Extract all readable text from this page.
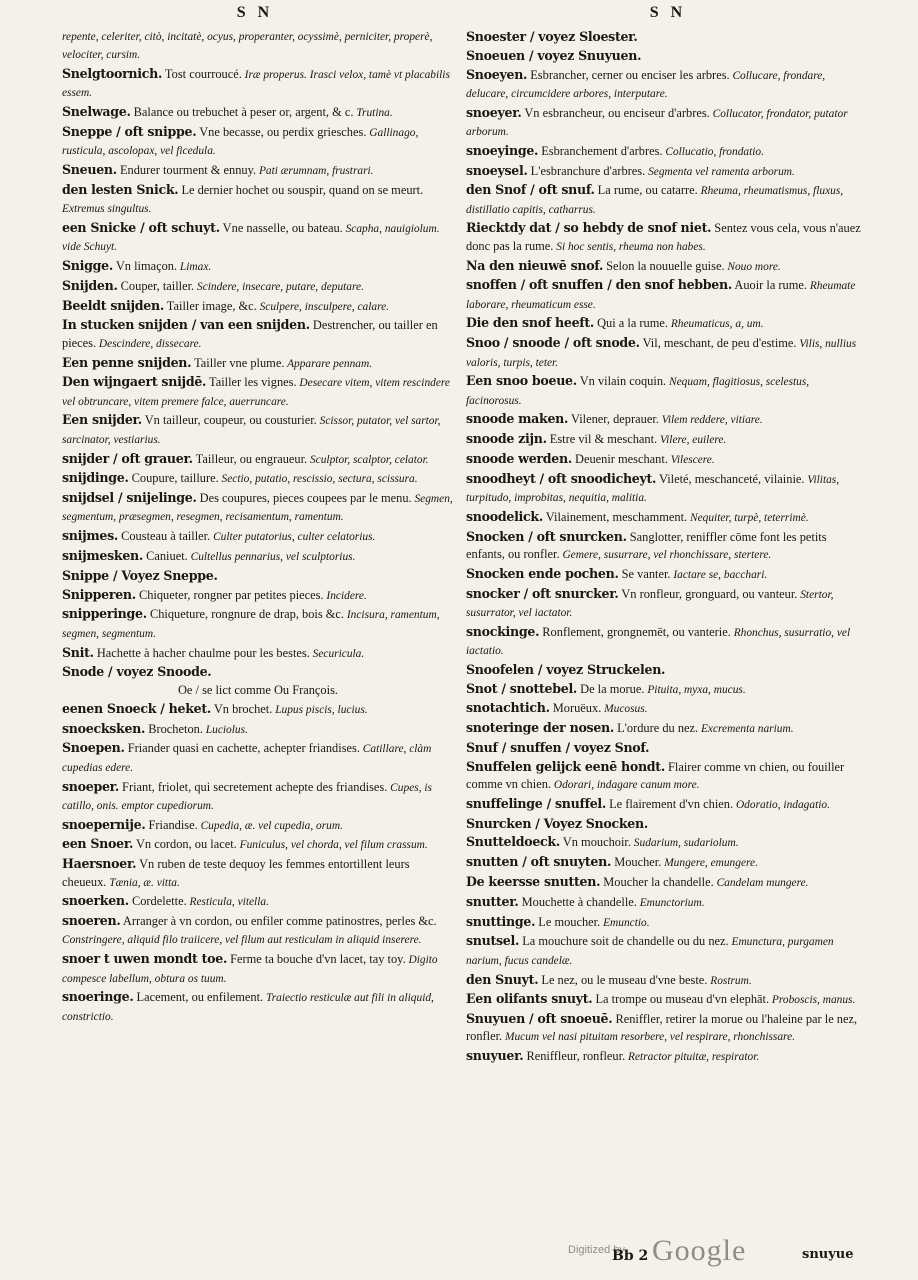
S N	S N
repente, celeriter, citò, incitatè, ocyus, properanter, ocyssimè, perniciter, properè, velociter, cursim.
Snelgtoornich. Tost courroucé. Iræ properus. Irasci velox, tamè vt placabilis essem.
Snelwage. Balance ou trebuchet à peser or, argent, & c. Trutina.
Sneppe / oft snippe. Vne becasse, ou perdix griesches. Gallinago, rusticula, ascolopax, vel ficedula.
Sneuen. Endurer tourment & ennuy. Pati ærumnam, frustrari.
den lesten Snick. Le dernier hochet ou souspir, quand on se meurt. Extremus singultus.
een Snicke / oft schuyt. Vne nasselle, ou bateau. Scapha, nauigiolum. vide Schuyt.
Snigge. Vn limaçon. Limax.
Snijden. Couper, tailler. Scindere, insecare, putare, deputare.
Beeldt snijden. Tailler image, &c. Sculpere, insculpere, calare.
In stucken snijden / van een snijden. Destrencher, ou tailler en pieces. Descindere, dissecare.
Een penne snijden. Tailler vne plume. Apparare pennam.
Den wijngaert snijdē. Tailler les vignes. Desecare vitem, vitem rescindere vel obtruncare, vitem premere falce, auerruncare.
Een snijder. Vn tailleur, coupeur, ou cousturier. Scissor, putator, vel sartor, sarcinator, vestiarius.
snijder / oft grauer. Tailleur, ou engraueur. Sculptor, scalptor, celator.
snijdinge. Coupure, taillure. Sectio, putatio, rescissio, sectura, scissura.
snijdsel / snijelinge. Des coupures, pieces coupees par le menu. Segmen, segmentum, præsegmen, resegmen, recisamentum, ramentum.
snijmes. Cousteau à tailler. Culter putatorius, culter celatorius.
snijmesken. Caniuet. Cultellus pennarius, vel sculptorius.
Snippe / Voyez Sneppe.
Snipperen. Chiqueter, rongner par petites pieces. Incidere.
snipperinge. Chiqueture, rongnure de drap, bois &c. Incisura, ramentum, segmen, segmentum.
Snit. Hachette à hacher chaulme pour les bestes. Securicula.
Snode / voyez Snoode.
Oe / se lict comme Ou François.
eenen Snoeck / heket. Vn brochet. Lupus piscis, lucius.
snoecksken. Brocheton. Luciolus.
Snoepen. Friander quasi en cachette, achepter friandises. Catillare, clàm cupedias edere.
snoeper. Friant, friolet, qui secretement achepte des friandises. Cupes, is catillo, onis. emptor cupediorum.
snoepernije. Friandise. Cupedia, æ. vel cupedia, orum.
een Snoer. Vn cordon, ou lacet. Funiculus, vel chorda, vel filum crassum.
Haersnoer. Vn ruben de teste dequoy les femmes entortillent leurs cheueux. Tænia, æ. vitta.
snoerken. Cordelette. Resticula, vitella.
snoeren. Arranger à vn cordon, ou enfiler comme patinostres, perles &c. Constringere, aliquid filo traiicere, vel filum aut resticulam in aliquid inserere.
snoer t uwen mondt toe. Ferme ta bouche d'vn lacet, tay toy. Digito compesce labellum, obtura os tuum.
snoeringe. Lacement, ou enfilement. Traiectio resticulæ aut fili in aliquid, constrictio.
Snoester / voyez Sloester.
Snoeuen / voyez Snuyuen.
Snoeyen. Esbrancher, cerner ou enciser les arbres. Collucare, frondare, delucare, circumcidere arbores, interputare.
snoeyer. Vn esbrancheur, ou enciseur d'arbres. Collucator, frondator, putator arborum.
snoeyinge. Esbranchement d'arbres. Collucatio, frondatio.
snoeysel. L'esbranchure d'arbres. Segmenta vel ramenta arborum.
den Snof / oft snuf. La rume, ou catarre. Rheuma, rheumatismus, fluxus, distillatio capitis, catharrus.
Riecktdy dat / so hebdy de snof niet. Sentez vous cela, vous n'auez donc pas la rume. Si hoc sentis, rheuma non habes.
Na den nieuwē snof. Selon la nouuelle guise. Nouo more.
snoffen / oft snuffen / den snof hebben. Auoir la rume. Rheumate laborare, rheumaticum esse.
Die den snof heeft. Qui a la rume. Rheumaticus, a, um.
Snoo / snoode / oft snode. Vil, meschant, de peu d'estime. Vilis, nullius valoris, turpis, teter.
Een snoo boeue. Vn vilain coquin. Nequam, flagitiosus, scelestus, facinorosus.
snoode maken. Vilener, deprauer. Vilem reddere, vitiare.
snoode zijn. Estre vil & meschant. Vilere, euilere.
snoode werden. Deuenir meschant. Vilescere.
snoodheyt / oft snoodicheyt. Vileté, meschanceté, vilainie. Vilitas, turpitudo, improbitas, nequitia, malitia.
snoodelick. Vilainement, meschamment. Nequiter, turpè, teterrimè.
Snocken / oft snurcken. Sanglotter, reniffler cōme font les petits enfants, ou ronfler. Gemere, susurrare, vel rhonchissare, stertere.
Snocken ende pochen. Se vanter. Iactare se, bacchari.
snocker / oft snurcker. Vn ronfleur, gronguard, ou vanteur. Stertor, susurrator, vel iactator.
snockinge. Ronflement, grongnemēt, ou vanterie. Rhonchus, susurratio, vel iactatio.
Snoofelen / voyez Struckelen.
Snot / snottebel. De la morue. Pituita, myxa, mucus.
snotachtich. Moruëux. Mucosus.
snoteringe der nosen. L'ordure du nez. Excrementa narium.
Snuf / snuffen / voyez Snof.
Snuffelen gelijck eenē hondt. Flairer comme vn chien, ou fouiller comme vn chien. Odorari, indagare canum more.
snuffelinge / snuffel. Le flairement d'vn chien. Odoratio, indagatio.
Snurcken / Voyez Snocken.
Snutteldoeck. Vn mouchoir. Sudarium, sudariolum.
snutten / oft snuyten. Moucher. Mungere, emungere.
De keersse snutten. Moucher la chandelle. Candelam mungere.
snutter. Mouchette à chandelle. Emunctorium.
snuttinge. Le moucher. Emunctio.
snutsel. La mouchure soit de chandelle ou du nez. Emunctura, purgamen narium, fucus candelæ.
den Snuyt. Le nez, ou le museau d'vne beste. Rostrum.
Een olifants snuyt. La trompe ou museau d'vn elephāt. Proboscis, manus.
Snuyuen / oft snoeuē. Reniffler, retirer la morue ou l'haleine par le nez, ronfler. Mucum vel nasi pituitam resorbere, vel respirare, rhonchissare.
snuyuer. Reniffleur, ronfleur. Retractor pituitæ, respirator.
Digitized by
Bb 2 Google	snuyue
